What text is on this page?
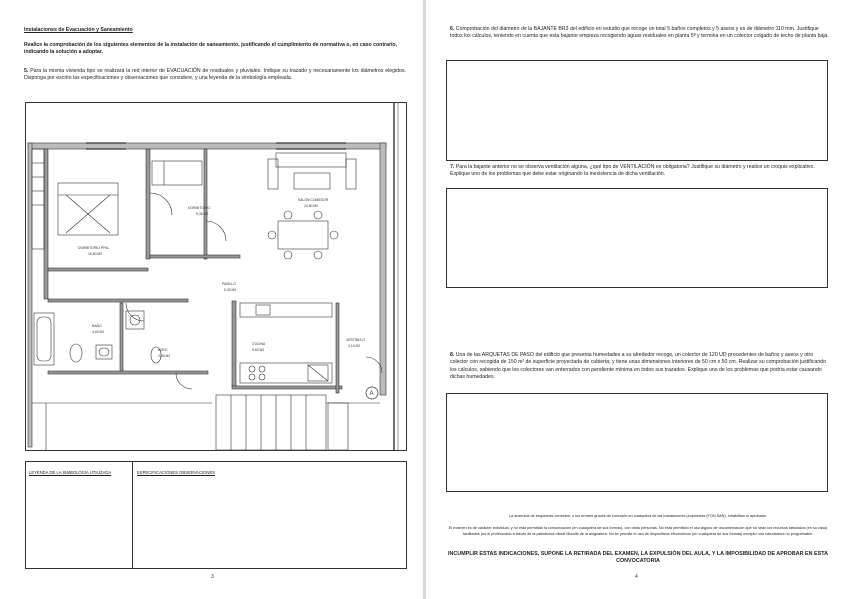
Instalaciones de Evacuación y Saneamiento
Realice la comprobación de los siguientes elementos de la instalación de saneamiento, justificando el cumplimiento de normativa o, en caso contrario, indicando la solución a adoptar.
5. Para la misma vivienda tipo se realizará la red interior de EVACUACIÓN de residuales y pluviales. Indique su trazado y necesariamente los diámetros elegidos. Disponga por escrito las especificaciones y observaciones que considere, y una leyenda de la simbología empleada.
A
DORMITORIO PPAL
15,60 M2
DORMITORIO
9,45 M2
SALÓN COMEDOR
24,80 M2
PASILLO
5,30 M2
BAÑO
4,50 M2
ASEO
2,80 M2
COCINA
9,60 M2
VESTÍBULO
4,10 M2
LEYENDA DE LA SIMBOLOGÍA UTILIZADA	ESPECIFICACIONES OBSERVACIONES
3
6. Comprobación del diámetro de la BAJANTE BR3 del edificio en estudio que recoge un total 5 baños completos y 5 aseos y es de diámetro 110 mm. Justifique todos los cálculos, teniendo en cuenta que esta bajante empieza recogiendo aguas residuales en planta 5ª y termina en un colector colgado de techo de planta baja.
7. Para la bajante anterior no se observa ventilación alguna, ¿qué tipo de VENTILACIÓN es obligatoria? Justifique su diámetro y realice un croquis explicativo. Explique uno de los problemas que debe estar originando la inexistencia de dicha ventilación.
8. Una de las ARQUETAS DE PASO del edificio que presenta humedades a su alrededor recoge, un colector de 120 UD procedentes de baños y aseos y otro colector con recogida de 150 m² de superficie proyectada de cubierta; y tiene unas dimensiones interiores de 50 cm x 50 cm. Realizar su comprobación justificando los cálculos, sabiendo que los colectores van enterrados con pendiente mínima en todos sus trazados. Explique uno de los problemas que podría estar causando dichas humedades.
La ausencia de esquemas correctos, o los errores graves de concepto en cualquiera de las instalaciones propuestas (FON SAN), inhabilitan el aprobado.
El examen es de carácter individual, y no está permitida la comunicación (en cualquiera de sus formas), con otras personas. No está permitido el uso alguno de documentación que no sean los recursos tabulados (en su caso) facilitados por el profesorado a través de la plataforma oficial Moodle de la asignatura. No se permite el uso de dispositivos electrónicos (en cualquiera de sus formas) excepto una calculadora no programable.
INCUMPLIR ESTAS INDICACIONES, SUPONE LA RETIRADA DEL EXAMEN, LA EXPULSIÓN DEL AULA, Y LA IMPOSIBILIDAD DE APROBAR EN ESTA CONVOCATORIA
4
